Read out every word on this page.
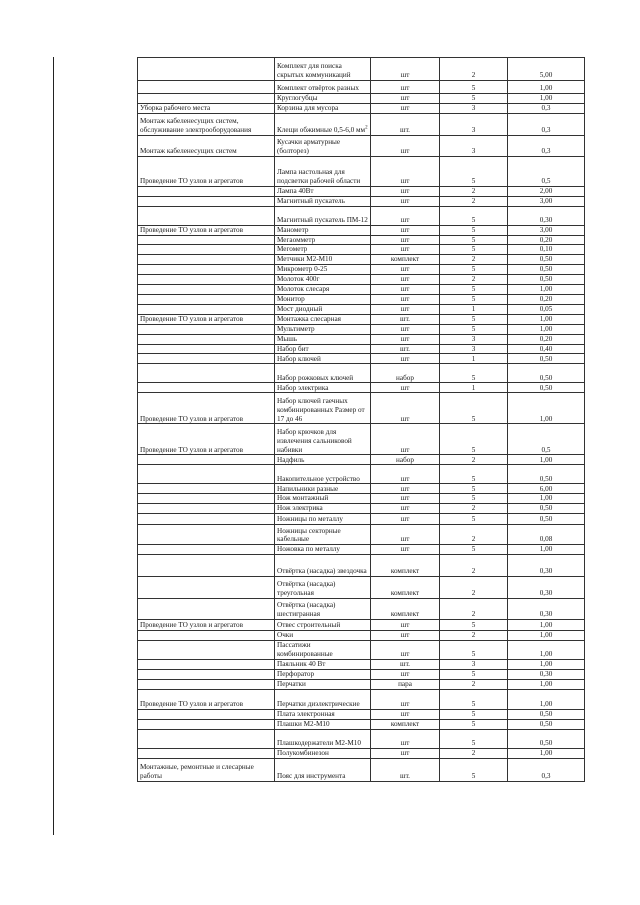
	Комплект для поиска скрытых коммуникаций	шт	2	5,00
	Комплект отвёрток разных	шт	5	1,00
	Круглогубцы	шт	5	1,00
Уборка рабочего места	Корзина для мусора	шт	3	0,3
Монтаж кабеленесущих систем, обслуживание электрооборудования	Клещи обжимные 0,5-6,0 $мм^2$	шт.	3	0,3
Монтаж кабеленесущих систем	Кусачки арматурные (болторез)	шт	3	0,3
Проведение ТО узлов и агрегатов	Лампа настольная для подсветки рабочей области	шт	5	0,5
	Лампа 40Вт	шт	2	2,00
	Магнитный пускатель	шт	2	3,00
	Магнитный пускатель ПМ-12	шт	5	0,30
Проведение ТО узлов и агрегатов	Манометр	шт	5	3,00
	Мегаомметр	шт	5	0,20
	Мегометр	шт	5	0,10
	Метчики М2-М10	комплект	2	0,50
	Микрометр 0-25	шт	5	0,50
	Молоток 400г	шт	2	0,50
	Молоток слесаря	шт	5	1,00
	Монитор	шт	5	0,20
	Мост диодный	шт	1	0,05
Проведение ТО узлов и агрегатов	Монтажка слесарная	шт.	5	1,00
	Мультиметр	шт	5	1,00
	Мышь	шт	3	0,20
	Набор бит	шт.	3	0,40
	Набор ключей	шт	1	0,50
	Набор рожковых ключей	набор	5	0,50
	Набор электрика	шт	1	0,50
Проведение ТО узлов и агрегатов	Набор ключей гаечных комбинированных Размер от 17 до 46	шт	5	1,00
Проведение ТО узлов и агрегатов	Набор крючков для извлечения сальниковой набивки	шт	5	0,5
	Надфиль	набор	2	1,00
	Накопительное устройство	шт	5	0,50
	Напильники разные	шт	5	6,00
	Нож монтажный	шт	5	1,00
	Нож электрика	шт	2	0,50
	Ножницы по металлу	шт	5	0,50
	Ножницы секторные кабельные	шт	2	0,08
	Ножовка по металлу	шт	5	1,00
	Отвёртка (насадка) звездочка	комплект	2	0,30
	Отвёртка (насадка) треугольная	комплект	2	0,30
	Отвёртка (насадка) шестигранная	комплект	2	0,30
Проведение ТО узлов и агрегатов	Отвес строительный	шт	5	1,00
	Очки	шт	2	1,00
	Пассатижи комбинированные	шт	5	1,00
	Паяльник 40 Вт	шт.	3	1,00
	Перфоратор	шт	5	0,30
	Перчатки	пара	2	1,00
Проведение ТО узлов и агрегатов	Перчатки диэлектрические	шт	5	1,00
	Плата электронная	шт	5	0,50
	Плашки М2-М10	комплект	5	0,50
	Плашкодержатели М2-М10	шт	5	0,50
	Полукомбинезон	шт	2	1,00
Монтажные, ремонтные и слесарные работы	Пояс для инструмента	шт.	5	0,3
